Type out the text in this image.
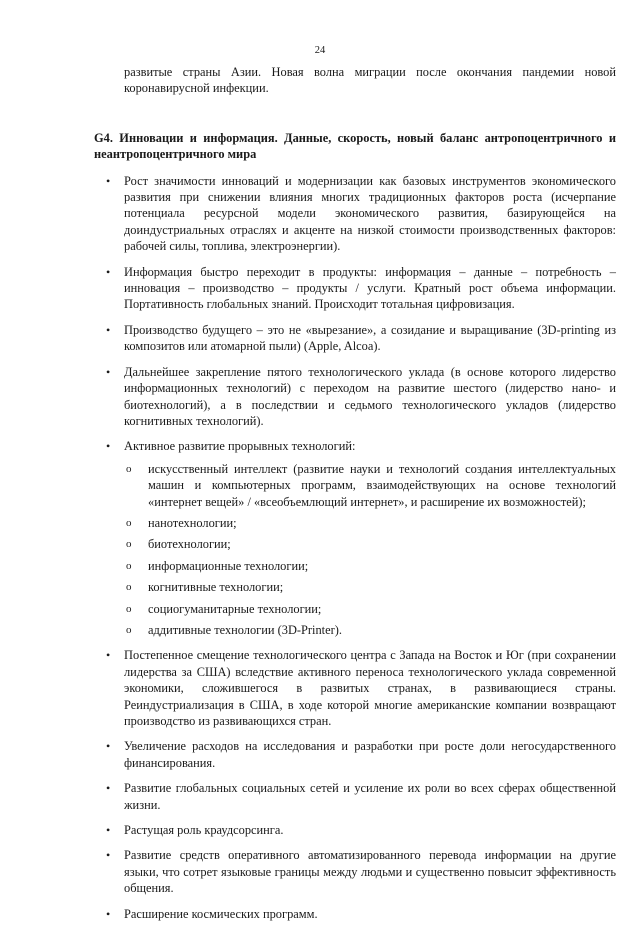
24

развитые страны Азии. Новая волна миграции после окончания пандемии новой коронавирусной инфекции.

G4. Инновации и информация. Данные, скорость, новый баланс антропоцентричного и неантропоцентричного мира

• Рост значимости инноваций и модернизации как базовых инструментов экономического развития при снижении влияния многих традиционных факторов роста (исчерпание потенциала ресурсной модели экономического развития, базирующейся на доиндустриальных отраслях и акценте на низкой стоимости производственных факторов: рабочей силы, топлива, электроэнергии).
• Информация быстро переходит в продукты: информация – данные – потребность – инновация – производство – продукты / услуги. Кратный рост объема информации. Портативность глобальных знаний. Происходит тотальная цифровизация.
• Производство будущего – это не «вырезание», а созидание и выращивание (3D-printing из композитов или атомарной пыли) (Apple, Alcoa).
• Дальнейшее закрепление пятого технологического уклада (в основе которого лидерство информационных технологий) с переходом на развитие шестого (лидерство нано- и биотехнологий), а в последствии и седьмого технологического укладов (лидерство когнитивных технологий).
• Активное развитие прорывных технологий:
o искусственный интеллект (развитие науки и технологий создания интеллектуальных машин и компьютерных программ, взаимодействующих на основе технологий «интернет вещей» / «всеобъемлющий интернет», и расширение их возможностей);
o нанотехнологии;
o биотехнологии;
o информационные технологии;
o когнитивные технологии;
o социогуманитарные технологии;
o аддитивные технологии (3D-Printer).
• Постепенное смещение технологического центра с Запада на Восток и Юг (при сохранении лидерства за США) вследствие активного переноса технологического уклада современной экономики, сложившегося в развитых странах, в развивающиеся страны. Реиндустриализация в США, в ходе которой многие американские компании возвращают производство из развивающихся стран.
• Увеличение расходов на исследования и разработки при росте доли негосударственного финансирования.
• Развитие глобальных социальных сетей и усиление их роли во всех сферах общественной жизни.
• Растущая роль краудсорсинга.
• Развитие средств оперативного автоматизированного перевода информации на другие языки, что сотрет языковые границы между людьми и существенно повысит эффективность общения.
• Расширение космических программ.
